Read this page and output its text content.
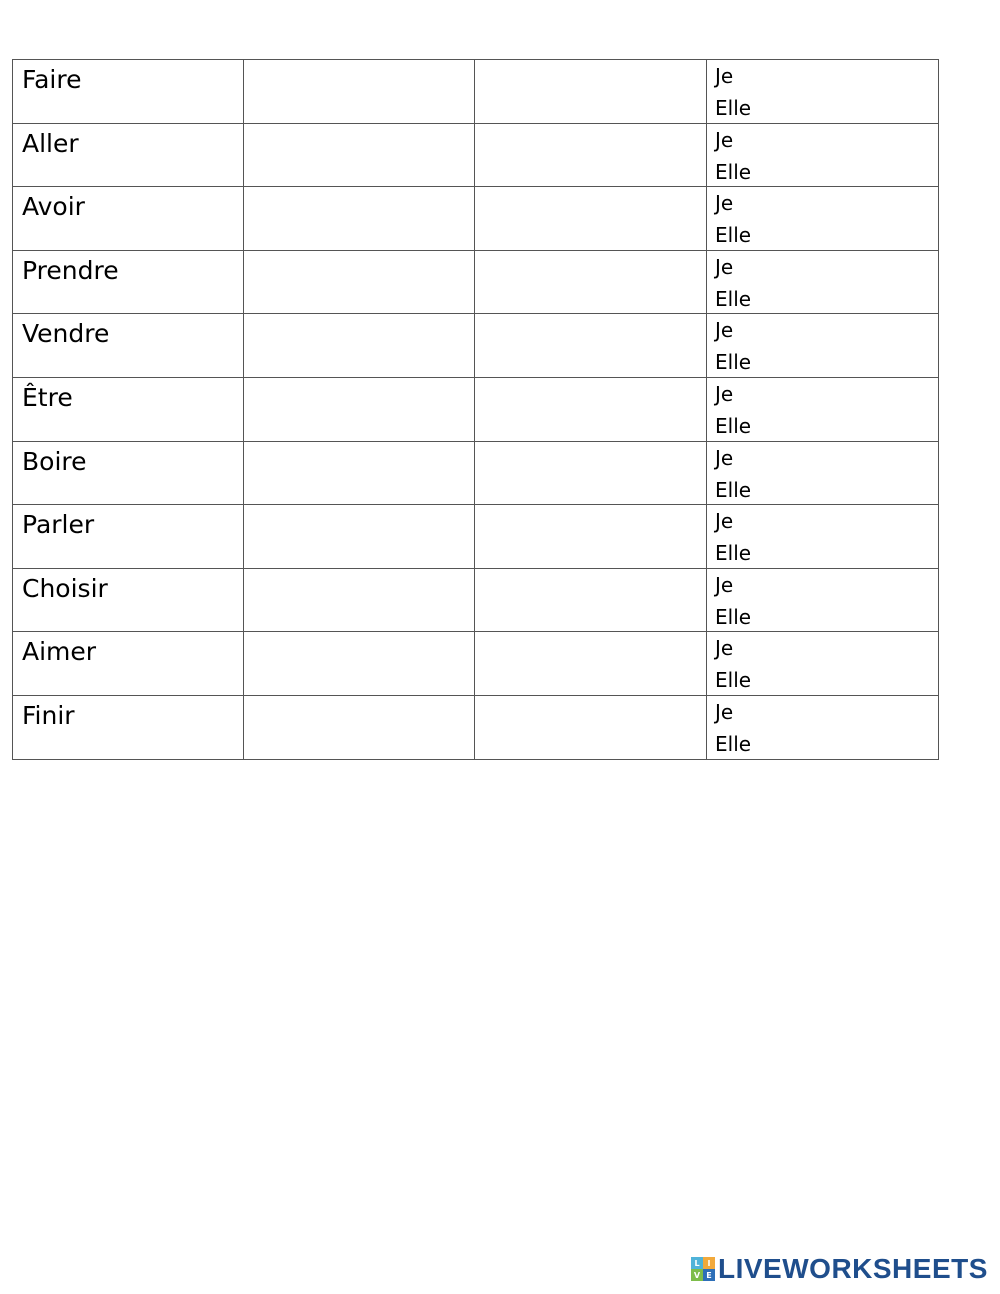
Faire			Je
Elle

Aller			Je
Elle

Avoir			Je
Elle

Prendre			Je
Elle

Vendre			Je
Elle

Être			Je
Elle

Boire			Je
Elle

Parler			Je
Elle

Choisir			Je
Elle

Aimer			Je
Elle

Finir			Je
Elle
L I
V E LIVEWORKSHEETS
